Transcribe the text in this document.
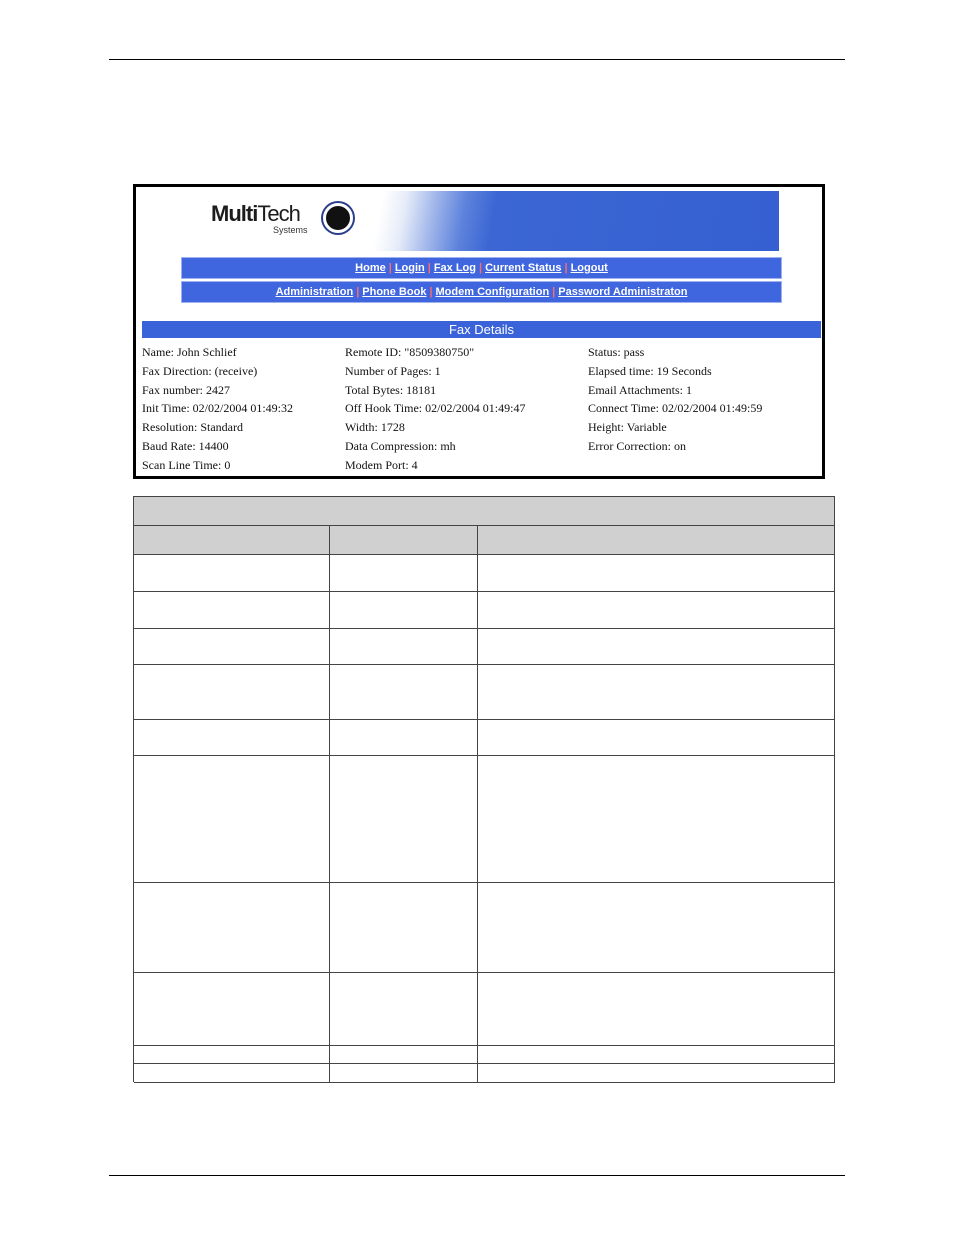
MultiTech
Systems
Home | Login | Fax Log | Current Status | Logout
Administration | Phone Book | Modem Configuration | Password Administraton
Fax Details
Name: John Schlief	Remote ID: "8509380750"	Status: pass
Fax Direction: (receive)	Number of Pages: 1	Elapsed time: 19 Seconds
Fax number: 2427	Total Bytes: 18181	Email Attachments: 1
Init Time: 02/02/2004 01:49:32	Off Hook Time: 02/02/2004 01:49:47	Connect Time: 02/02/2004 01:49:59
Resolution: Standard	Width: 1728	Height: Variable
Baud Rate: 14400	Data Compression: mh	Error Correction: on
Scan Line Time: 0	Modem Port: 4
